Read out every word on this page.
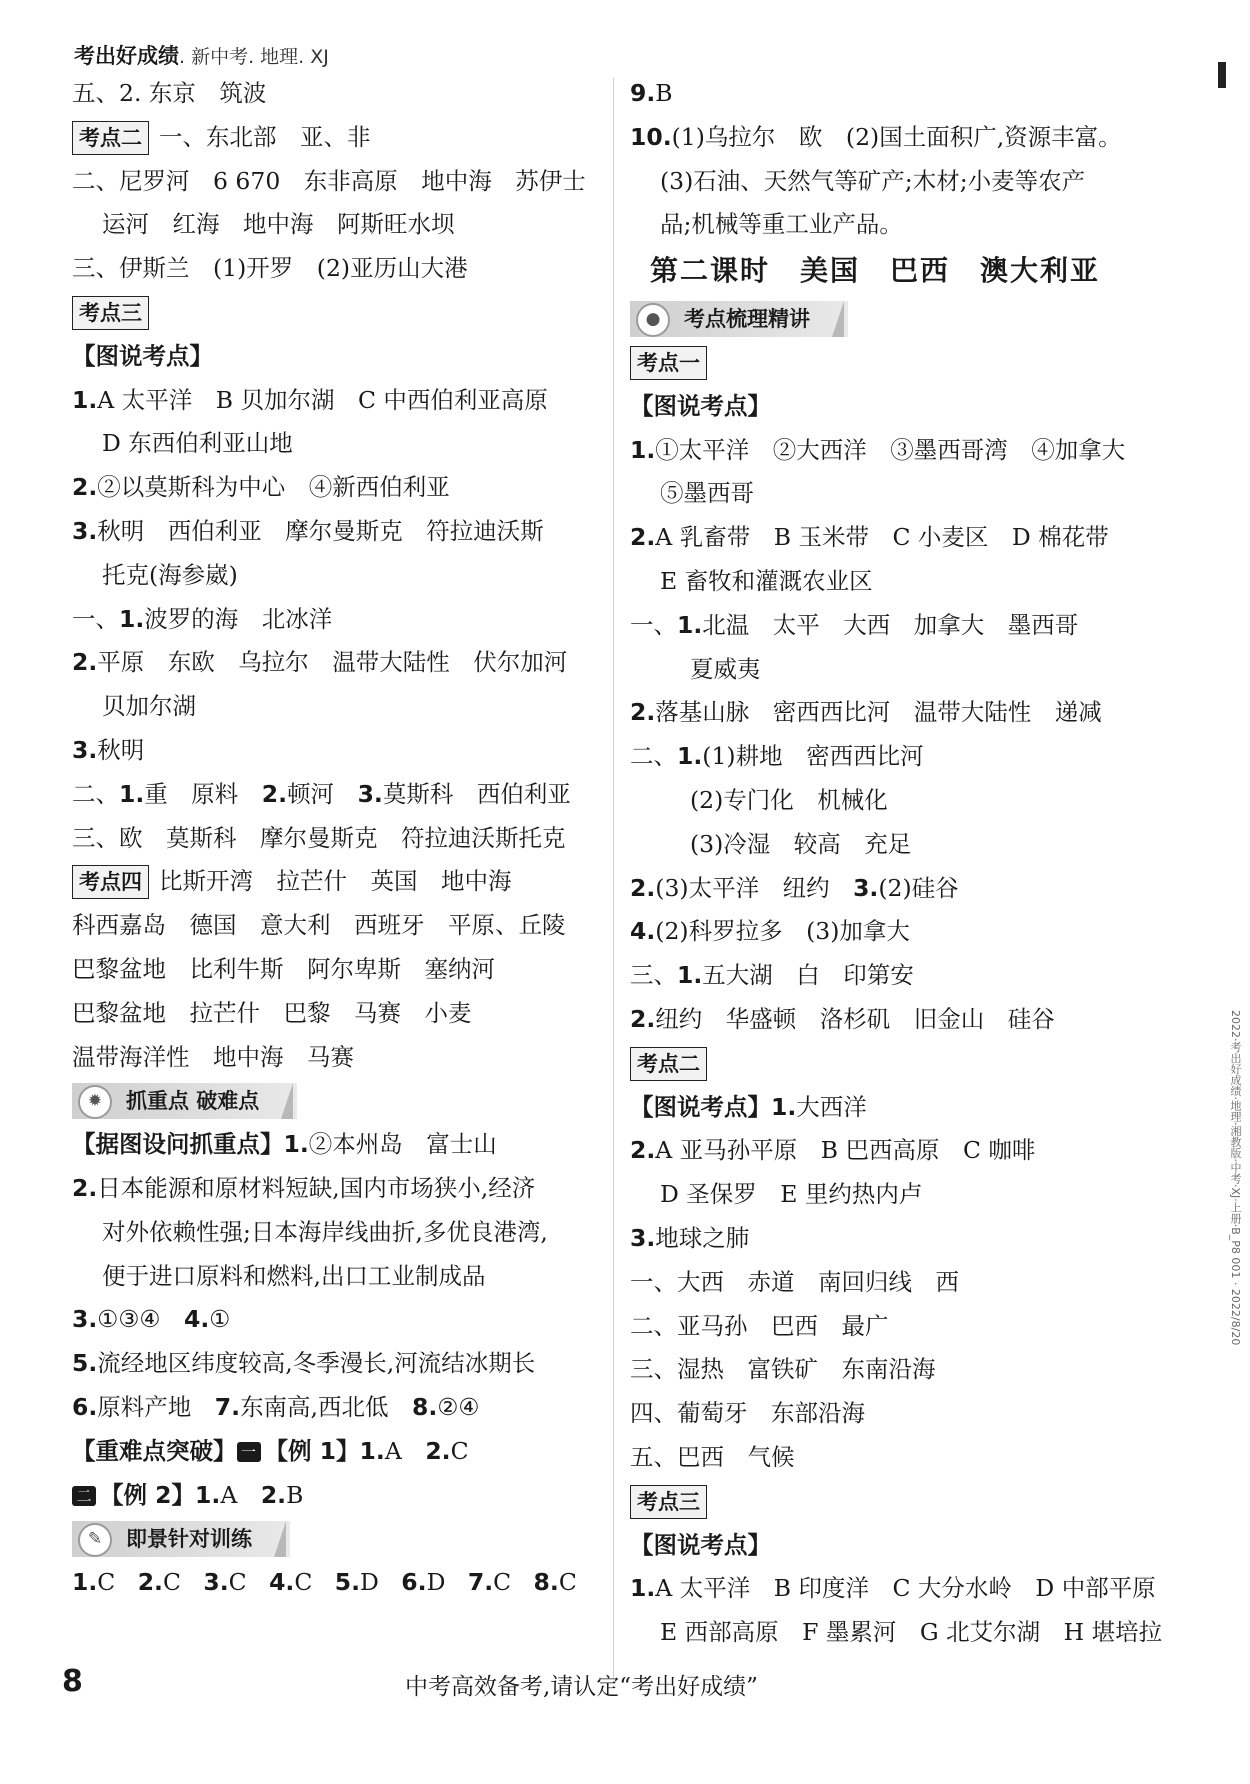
考出好成绩. 新中考. 地理. XJ
五、2. 东京　筑波
考点二 一、东北部　亚、非
二、尼罗河　6 670　东非高原　地中海　苏伊士
运河　红海　地中海　阿斯旺水坝
三、伊斯兰　(1)开罗　(2)亚历山大港
考点三
【图说考点】
1.A 太平洋　B 贝加尔湖　C 中西伯利亚高原
D 东西伯利亚山地
2.②以莫斯科为中心　④新西伯利亚
3.秋明　西伯利亚　摩尔曼斯克　符拉迪沃斯
托克(海参崴)
一、1.波罗的海　北冰洋
2.平原　东欧　乌拉尔　温带大陆性　伏尔加河
贝加尔湖
3.秋明
二、1.重　原料　2.顿河　3.莫斯科　西伯利亚
三、欧　莫斯科　摩尔曼斯克　符拉迪沃斯托克
考点四 比斯开湾　拉芒什　英国　地中海
科西嘉岛　德国　意大利　西班牙　平原、丘陵
巴黎盆地　比利牛斯　阿尔卑斯　塞纳河
巴黎盆地　拉芒什　巴黎　马赛　小麦
温带海洋性　地中海　马赛
✹	抓重点 破难点
【据图设问抓重点】1.②本州岛　富士山
2.日本能源和原材料短缺,国内市场狭小,经济
对外依赖性强;日本海岸线曲折,多优良港湾,
便于进口原料和燃料,出口工业制成品
3.①③④　4.①
5.流经地区纬度较高,冬季漫长,河流结冰期长
6.原料产地　7.东南高,西北低　8.②④
【重难点突破】 一 【例 1】1.A　2.C
二 【例 2】1.A　2.B
✎	即景针对训练
1.C 2.C 3.C 4.C 5.D 6.D 7.C 8.C
9.B
10.(1)乌拉尔　欧　(2)国土面积广,资源丰富。
(3)石油、天然气等矿产;木材;小麦等农产
品;机械等重工业产品。
第二课时　美国　巴西　澳大利亚
●	考点梳理精讲
考点一
【图说考点】
1.①太平洋　②大西洋　③墨西哥湾　④加拿大
⑤墨西哥
2.A 乳畜带　B 玉米带　C 小麦区　D 棉花带
E 畜牧和灌溉农业区
一、1.北温　太平　大西　加拿大　墨西哥
夏威夷
2.落基山脉　密西西比河　温带大陆性　递减
二、1.(1)耕地　密西西比河
(2)专门化　机械化
(3)冷湿　较高　充足
2.(3)太平洋　纽约　3.(2)硅谷
4.(2)科罗拉多　(3)加拿大
三、1.五大湖　白　印第安
2.纽约　华盛顿　洛杉矶　旧金山　硅谷
考点二
【图说考点】1.大西洋
2.A 亚马孙平原　B 巴西高原　C 咖啡
D 圣保罗　E 里约热内卢
3.地球之肺
一、大西　赤道　南回归线　西
二、亚马孙　巴西　最广
三、湿热　富铁矿　东南沿海
四、葡萄牙　东部沿海
五、巴西　气候
考点三
【图说考点】
1.A 太平洋　B 印度洋　C 大分水岭　D 中部平原
E 西部高原　F 墨累河　G 北艾尔湖　H 堪培拉
2022·考出好成绩·地理·湘教版·中考·XJ·上册·B_P8 001 · 2022/8/20
8	中考高效备考,请认定“考出好成绩”
